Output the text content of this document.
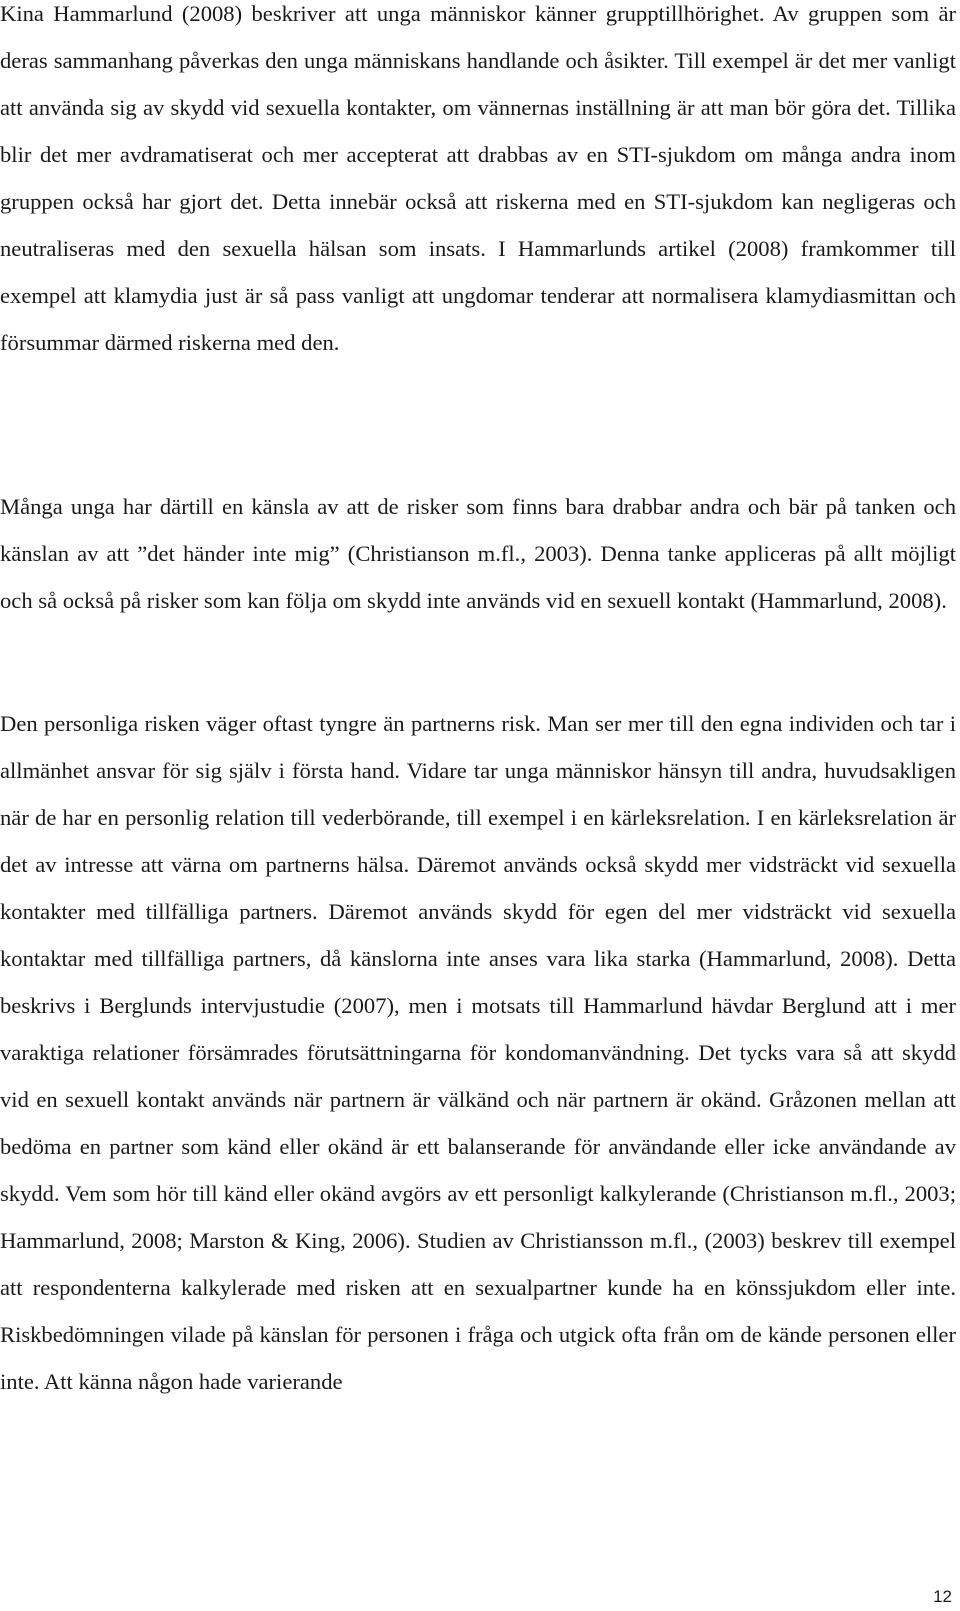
Kina Hammarlund (2008) beskriver att unga människor känner grupptillhörighet. Av gruppen som är deras sammanhang påverkas den unga människans handlande och åsikter. Till exempel är det mer vanligt att använda sig av skydd vid sexuella kontakter, om vännernas inställning är att man bör göra det. Tillika blir det mer avdramatiserat och mer accepterat att drabbas av en STI-sjukdom om många andra inom gruppen också har gjort det. Detta innebär också att riskerna med en STI-sjukdom kan negligeras och neutraliseras med den sexuella hälsan som insats. I Hammarlunds artikel (2008) framkommer till exempel att klamydia just är så pass vanligt att ungdomar tenderar att normalisera klamydiasmittan och försummar därmed riskerna med den.

Många unga har därtill en känsla av att de risker som finns bara drabbar andra och bär på tanken och känslan av att ”det händer inte mig” (Christianson m.fl., 2003). Denna tanke appliceras på allt möjligt och så också på risker som kan följa om skydd inte används vid en sexuell kontakt (Hammarlund, 2008).

Den personliga risken väger oftast tyngre än partnerns risk. Man ser mer till den egna individen och tar i allmänhet ansvar för sig själv i första hand. Vidare tar unga människor hänsyn till andra, huvudsakligen när de har en personlig relation till vederbörande, till exempel i en kärleksrelation. I en kärleksrelation är det av intresse att värna om partnerns hälsa. Däremot används också skydd mer vidsträckt vid sexuella kontakter med tillfälliga partners. Däremot används skydd för egen del mer vidsträckt vid sexuella kontaktar med tillfälliga partners, då känslorna inte anses vara lika starka (Hammarlund, 2008). Detta beskrivs i Berglunds intervjustudie (2007), men i motsats till Hammarlund hävdar Berglund att i mer varaktiga relationer försämrades förutsättningarna för kondomanvändning. Det tycks vara så att skydd vid en sexuell kontakt används när partnern är välkänd och när partnern är okänd. Gråzonen mellan att bedöma en partner som känd eller okänd är ett balanserande för användande eller icke användande av skydd. Vem som hör till känd eller okänd avgörs av ett personligt kalkylerande (Christianson m.fl., 2003; Hammarlund, 2008; Marston & King, 2006). Studien av Christiansson m.fl., (2003) beskrev till exempel att respondenterna kalkylerade med risken att en sexualpartner kunde ha en könssjukdom eller inte. Riskbedömningen vilade på känslan för personen i fråga och utgick ofta från om de kände personen eller inte. Att känna någon hade varierande

12
